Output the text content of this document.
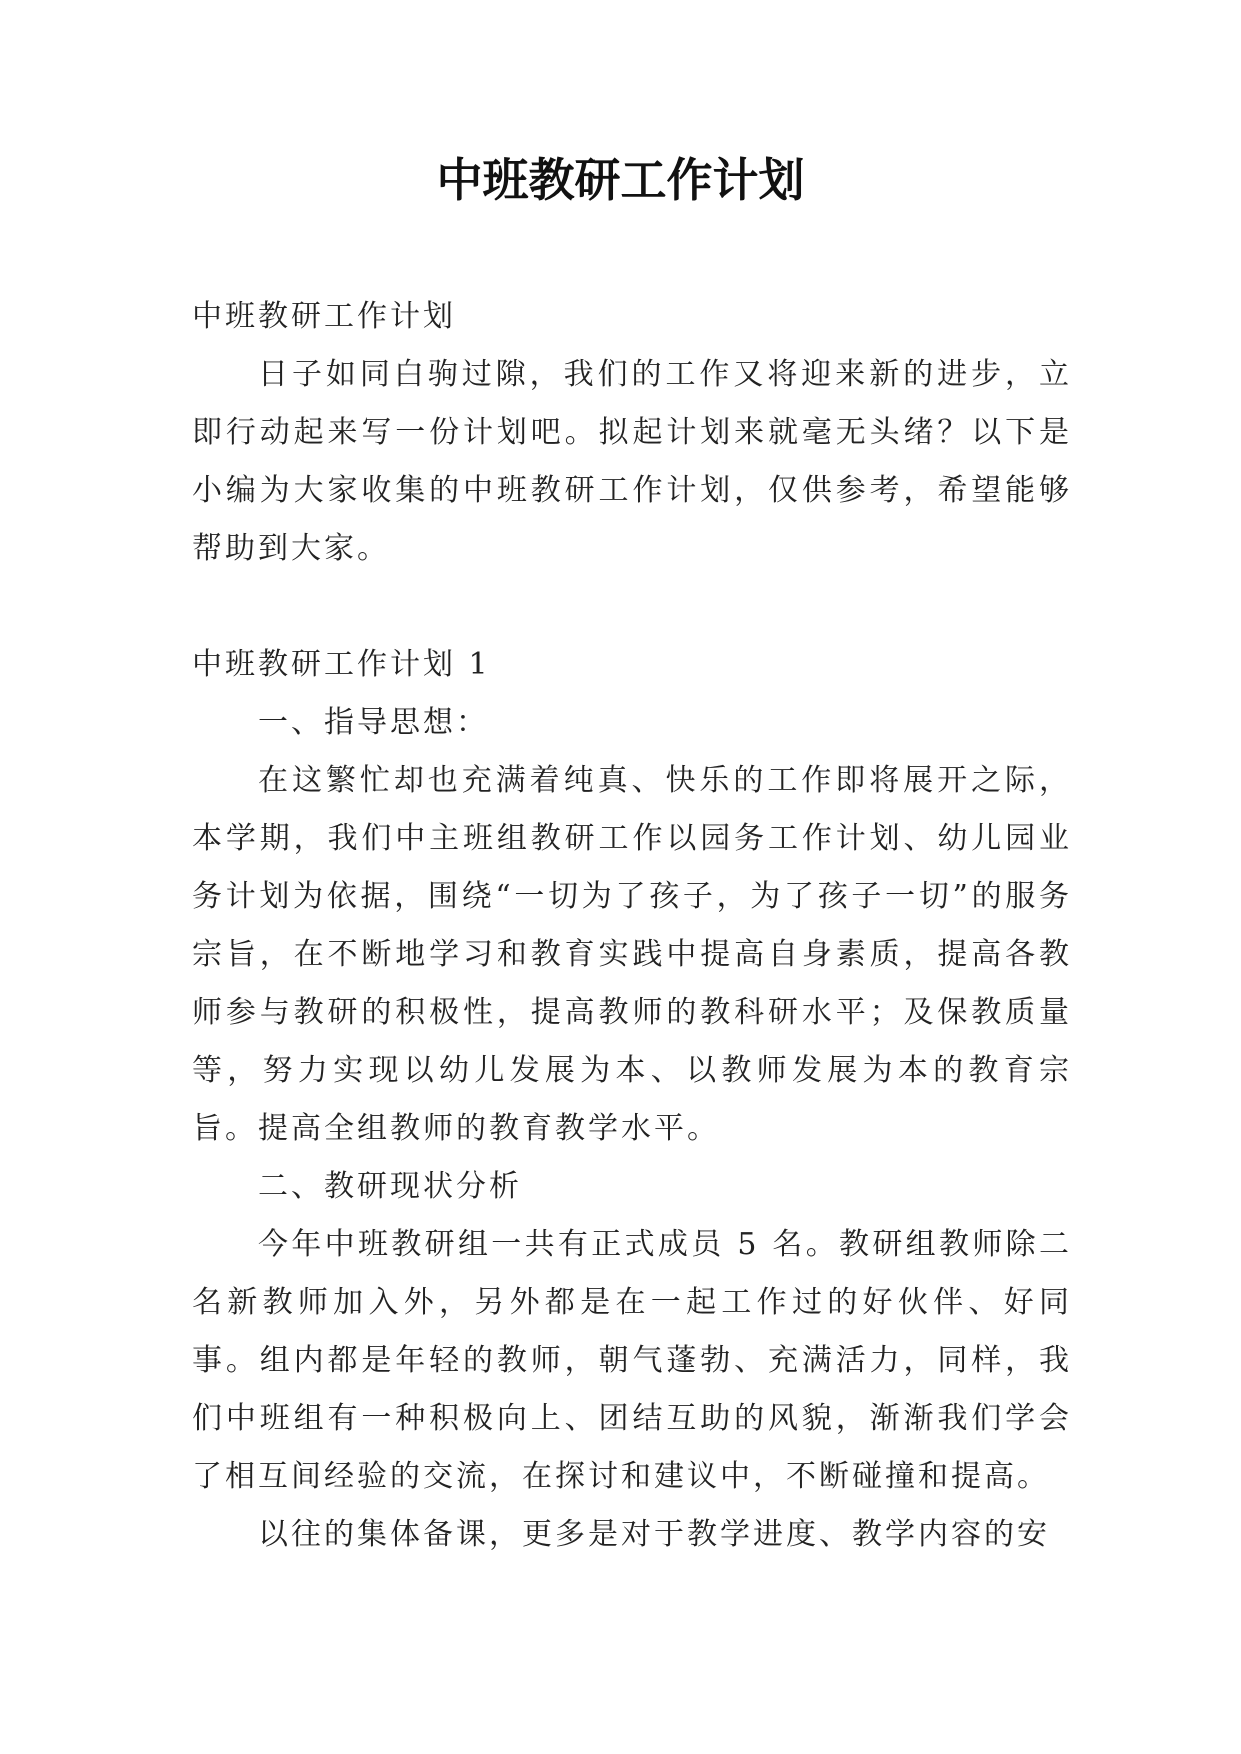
中班教研工作计划

中班教研工作计划

日子如同白驹过隙，我们的工作又将迎来新的进步，立即行动起来写一份计划吧。拟起计划来就毫无头绪？以下是小编为大家收集的中班教研工作计划，仅供参考，希望能够帮助到大家。

中班教研工作计划 1

一、指导思想：

在这繁忙却也充满着纯真、快乐的工作即将展开之际，本学期，我们中主班组教研工作以园务工作计划、幼儿园业务计划为依据，围绕“一切为了孩子，为了孩子一切”的服务宗旨，在不断地学习和教育实践中提高自身素质，提高各教师参与教研的积极性，提高教师的教科研水平；及保教质量等，努力实现以幼儿发展为本、以教师发展为本的教育宗旨。提高全组教师的教育教学水平。

二、教研现状分析

今年中班教研组一共有正式成员 5 名。教研组教师除二名新教师加入外，另外都是在一起工作过的好伙伴、好同事。组内都是年轻的教师，朝气蓬勃、充满活力，同样，我们中班组有一种积极向上、团结互助的风貌，渐渐我们学会了相互间经验的交流，在探讨和建议中，不断碰撞和提高。

以往的集体备课，更多是对于教学进度、教学内容的安
